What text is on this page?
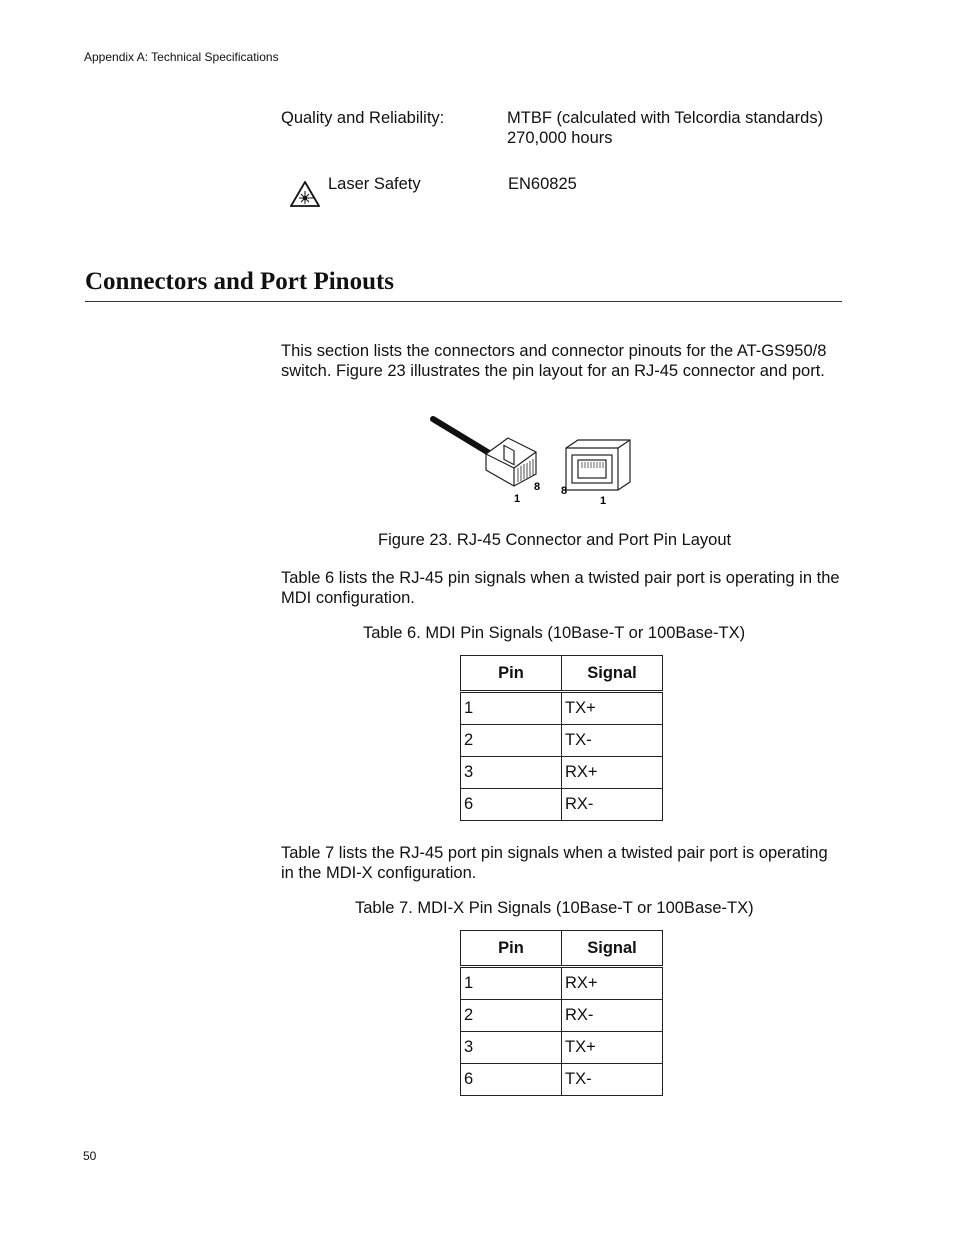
Appendix A: Technical Specifications
Quality and Reliability:	MTBF (calculated with Telcordia standards) 270,000 hours
Laser Safety	EN60825
Connectors and Port Pinouts
This section lists the connectors and connector pinouts for the AT-GS950/8 switch. Figure 23 illustrates the pin layout for an RJ-45 connector and port.
1
8 8
1
Figure 23. RJ-45 Connector and Port Pin Layout
Table 6 lists the RJ-45 pin signals when a twisted pair port is operating in the MDI configuration.
Table 6. MDI Pin Signals (10Base-T or 100Base-TX)
Pin	Signal
1	TX+
2	TX-
3	RX+
6	RX-
Table 7 lists the RJ-45 port pin signals when a twisted pair port is operating in the MDI-X configuration.
Table 7. MDI-X Pin Signals (10Base-T or 100Base-TX)
Pin	Signal
1	RX+
2	RX-
3	TX+
6	TX-
50
